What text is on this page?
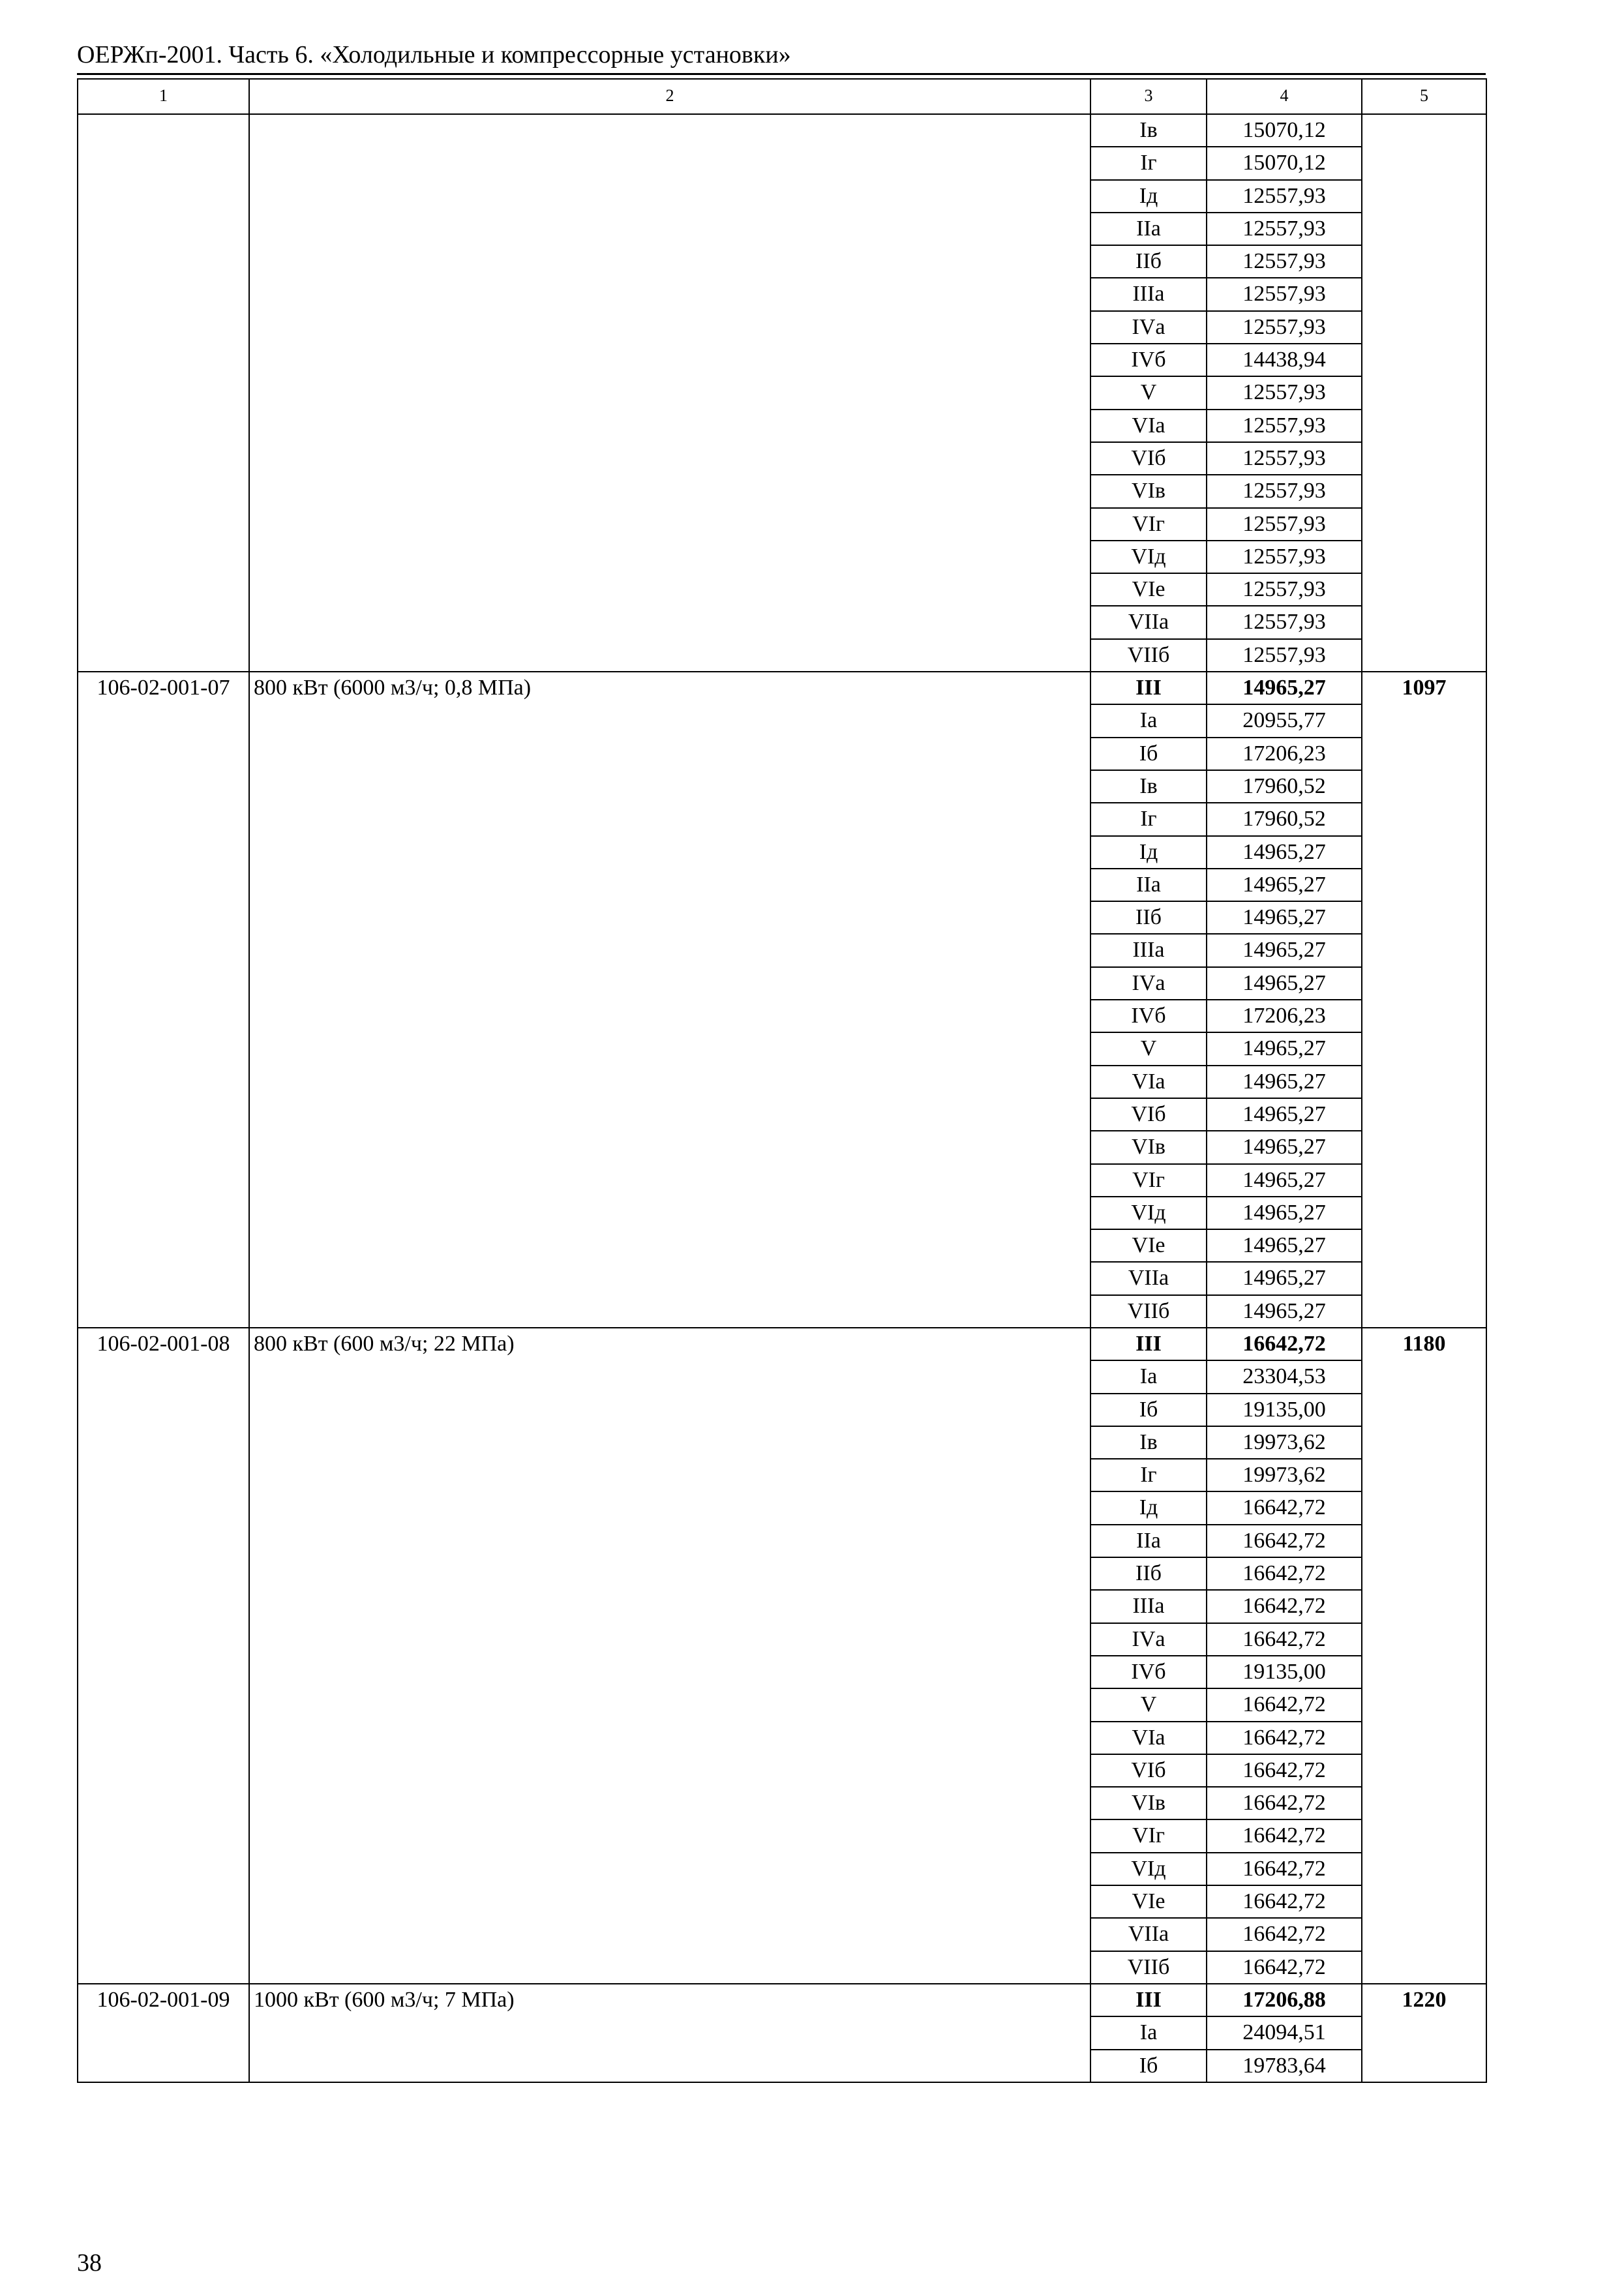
ОЕРЖп-2001. Часть 6. «Холодильные и компрессорные установки»
1	2	3	4	5
		Iв	15070,12	
		Iг	15070,12	
		Iд	12557,93	
		IIа	12557,93	
		IIб	12557,93	
		IIIа	12557,93	
		IVа	12557,93	
		IVб	14438,94	
		V	12557,93	
		VIа	12557,93	
		VIб	12557,93	
		VIв	12557,93	
		VIг	12557,93	
		VIд	12557,93	
		VIе	12557,93	
		VIIа	12557,93	
		VIIб	12557,93	
106-02-001-07	800 кВт (6000 м3/ч; 0,8 МПа)	III	14965,27	1097
		Iа	20955,77	
		Iб	17206,23	
		Iв	17960,52	
		Iг	17960,52	
		Iд	14965,27	
		IIа	14965,27	
		IIб	14965,27	
		IIIа	14965,27	
		IVа	14965,27	
		IVб	17206,23	
		V	14965,27	
		VIа	14965,27	
		VIб	14965,27	
		VIв	14965,27	
		VIг	14965,27	
		VIд	14965,27	
		VIе	14965,27	
		VIIа	14965,27	
		VIIб	14965,27	
106-02-001-08	800 кВт (600 м3/ч; 22 МПа)	III	16642,72	1180
		Iа	23304,53	
		Iб	19135,00	
		Iв	19973,62	
		Iг	19973,62	
		Iд	16642,72	
		IIа	16642,72	
		IIб	16642,72	
		IIIа	16642,72	
		IVа	16642,72	
		IVб	19135,00	
		V	16642,72	
		VIа	16642,72	
		VIб	16642,72	
		VIв	16642,72	
		VIг	16642,72	
		VIд	16642,72	
		VIе	16642,72	
		VIIа	16642,72	
		VIIб	16642,72	
106-02-001-09	1000 кВт (600 м3/ч; 7 МПа)	III	17206,88	1220
		Iа	24094,51	
		Iб	19783,64	
38
